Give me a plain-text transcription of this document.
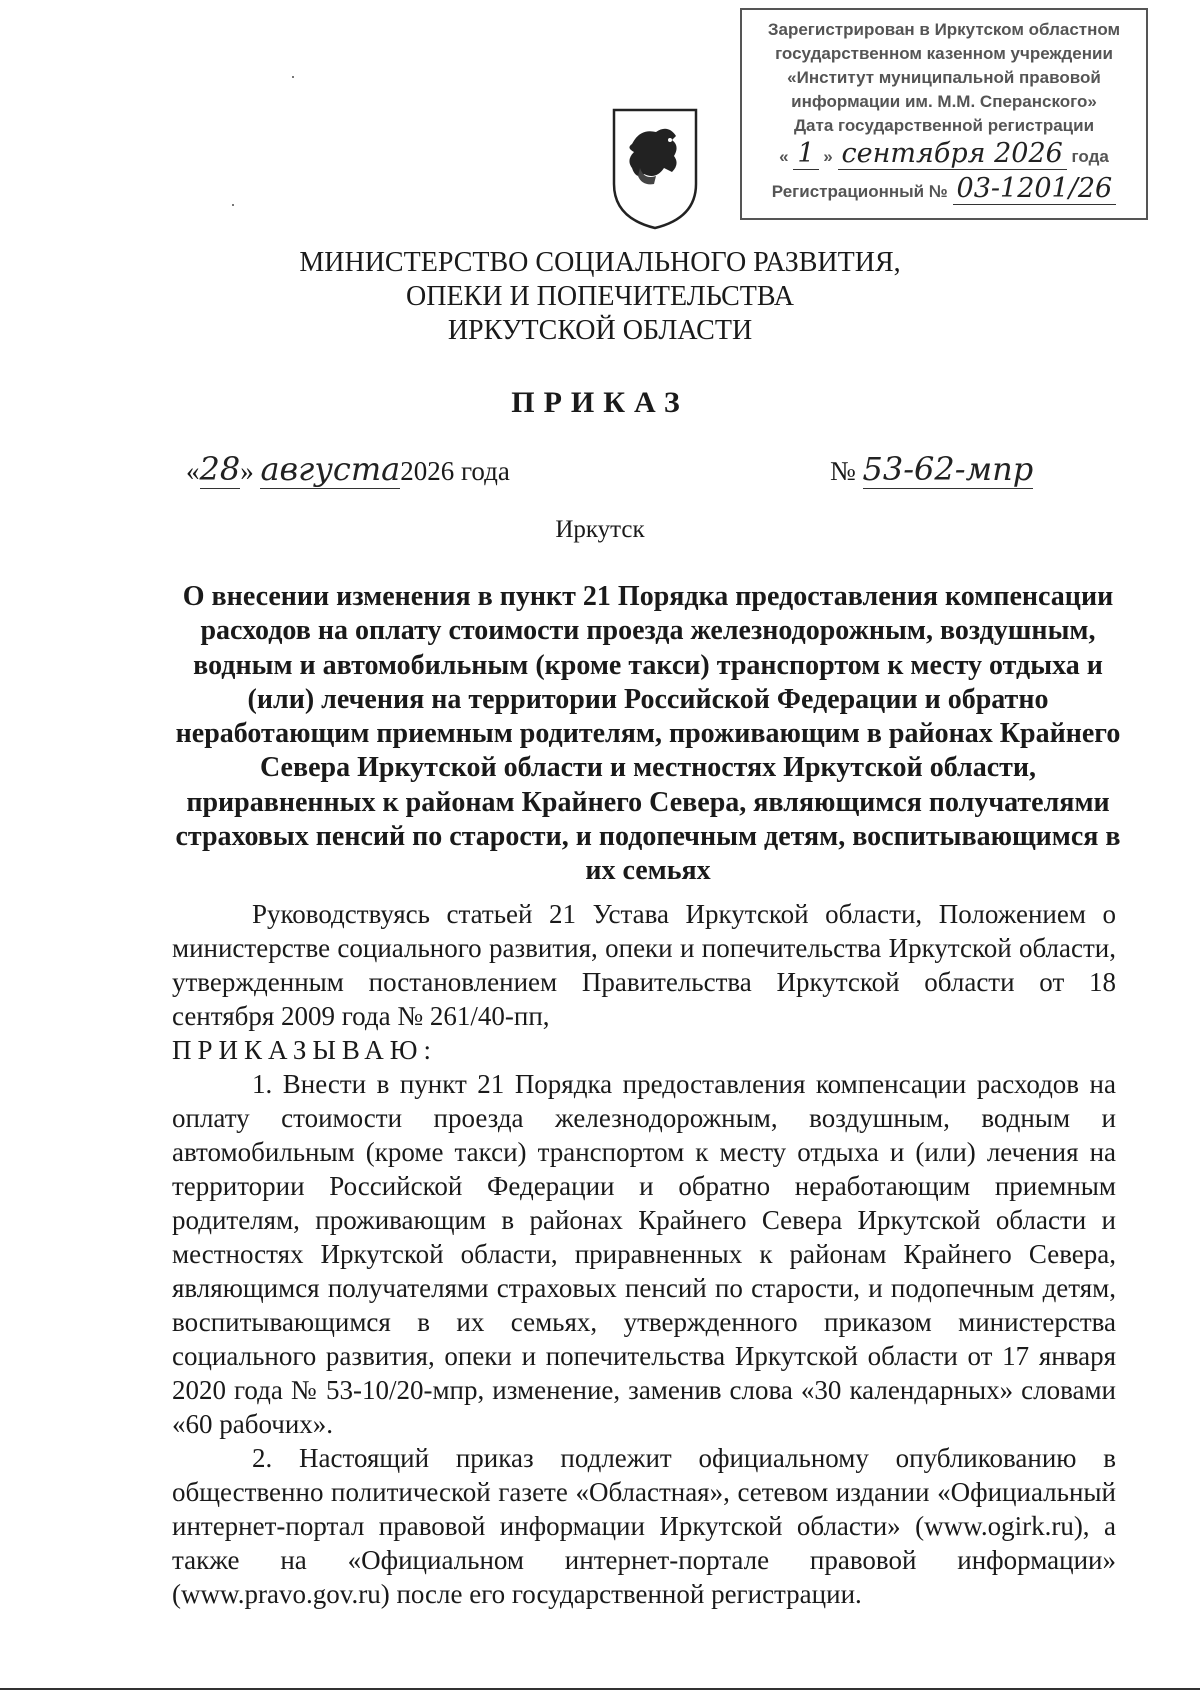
Зарегистрирован в Иркутском областном
государственном казенном учреждении
«Институт муниципальной правовой
информации им. М.М. Сперанского»
Дата государственной регистрации
« 1 » сентября 2026 года
Регистрационный № 03-1201/26
МИНИСТЕРСТВО СОЦИАЛЬНОГО РАЗВИТИЯ,
ОПЕКИ И ПОПЕЧИТЕЛЬСТВА
ИРКУТСКОЙ ОБЛАСТИ
ПРИКАЗ
«28» августа2026 года	№ 53-62-мпр
Иркутск
О внесении изменения в пункт 21 Порядка предоставления компенсации расходов на оплату стоимости проезда железнодорожным, воздушным, водным и автомобильным (кроме такси) транспортом к месту отдыха и (или) лечения на территории Российской Федерации и обратно неработающим приемным родителям, проживающим в районах Крайнего Севера Иркутской области и местностях Иркутской области, приравненных к районам Крайнего Севера, являющимся получателями страховых пенсий по старости, и подопечным детям, воспитывающимся в их семьях

Руководствуясь статьей 21 Устава Иркутской области, Положением о министерстве социального развития, опеки и попечительства Иркутской области, утвержденным постановлением Правительства Иркутской области от 18 сентября 2009 года № 261/40-пп,

ПРИКАЗЫВАЮ:

1. Внести в пункт 21 Порядка предоставления компенсации расходов на оплату стоимости проезда железнодорожным, воздушным, водным и автомобильным (кроме такси) транспортом к месту отдыха и (или) лечения на территории Российской Федерации и обратно неработающим приемным родителям, проживающим в районах Крайнего Севера Иркутской области и местностях Иркутской области, приравненных к районам Крайнего Севера, являющимся получателями страховых пенсий по старости, и подопечным детям, воспитывающимся в их семьях, утвержденного приказом министерства социального развития, опеки и попечительства Иркутской области от 17 января 2020 года № 53-10/20-мпр, изменение, заменив слова «30 календарных» словами «60 рабочих».

2. Настоящий приказ подлежит официальному опубликованию в общественно политической газете «Областная», сетевом издании «Официальный интернет-портал правовой информации Иркутской области» (www.ogirk.ru), а также на «Официальном интернет-портале правовой информации» (www.pravo.gov.ru) после его государственной регистрации.
